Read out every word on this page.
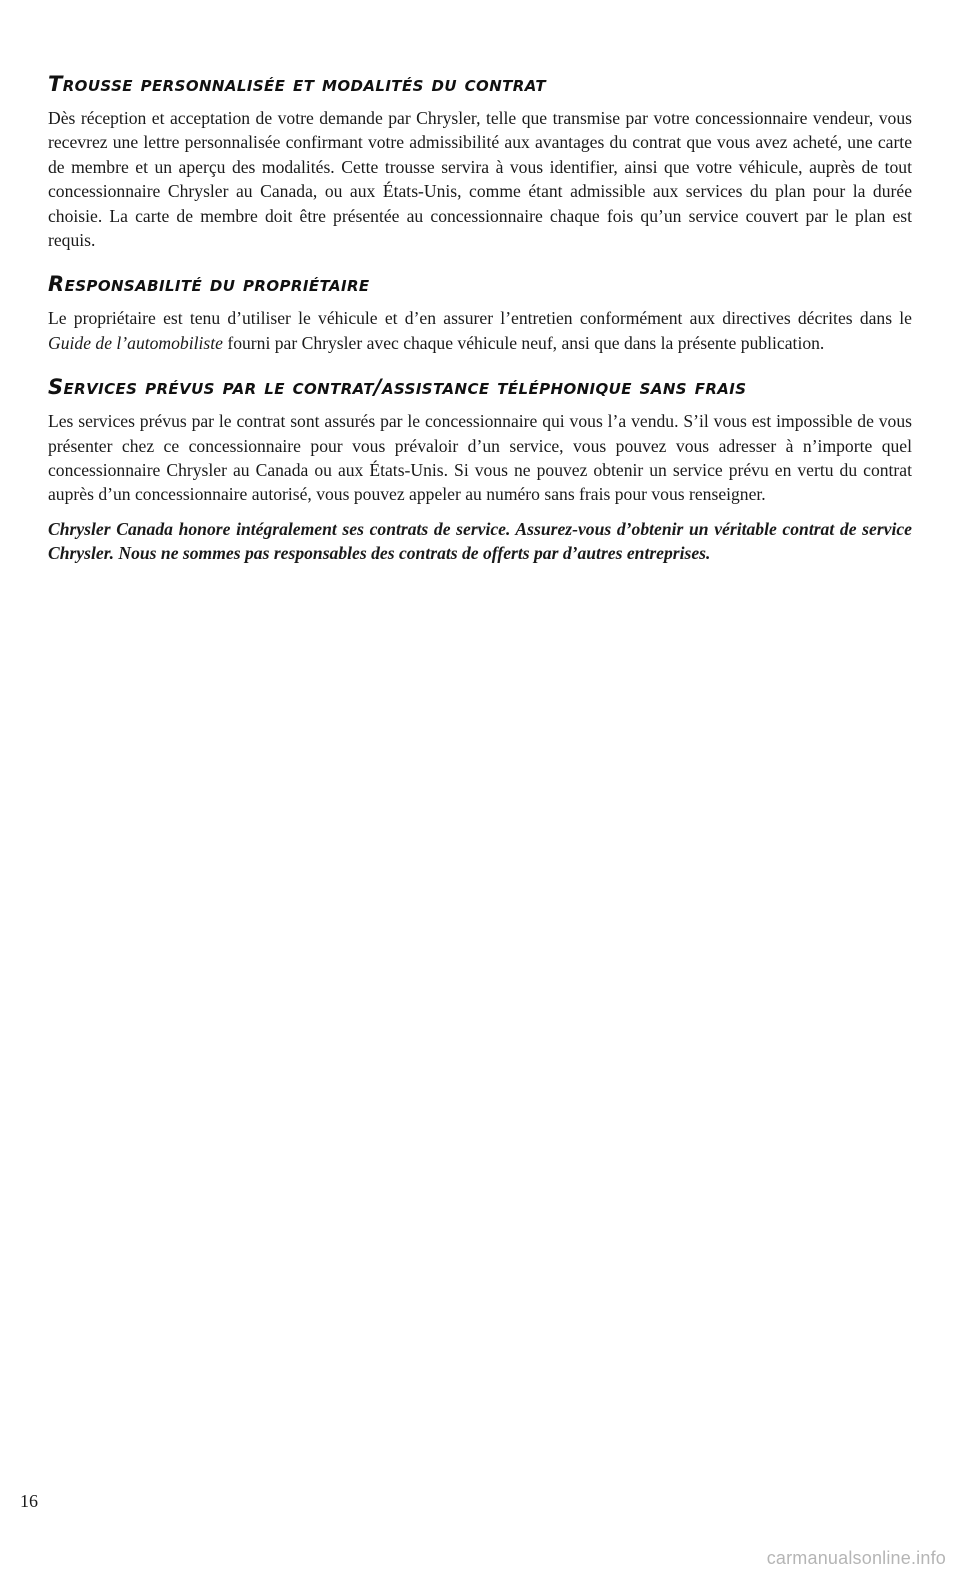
Trousse personnalisée et modalités du contrat

Dès réception et acceptation de votre demande par Chrysler, telle que transmise par votre concessionnaire vendeur, vous recevrez une lettre personnalisée confirmant votre admissibilité aux avantages du contrat que vous avez acheté, une carte de membre et un aperçu des modalités. Cette trousse servira à vous identifier, ainsi que votre véhicule, auprès de tout concessionnaire Chrysler au Canada, ou aux États-Unis, comme étant admissible aux services du plan pour la durée choisie. La carte de membre doit être présentée au concessionnaire chaque fois qu’un service couvert par le plan est requis.

Responsabilité du propriétaire

Le propriétaire est tenu d’utiliser le véhicule et d’en assurer l’entretien conformément aux directives décrites dans le Guide de l’automobiliste fourni par Chrysler avec chaque véhicule neuf, ansi que dans la présente publication.

Services prévus par le contrat/assistance téléphonique sans frais

Les services prévus par le contrat sont assurés par le concessionnaire qui vous l’a vendu. S’il vous est impossible de vous présenter chez ce concessionnaire pour vous prévaloir d’un service, vous pouvez vous adresser à n’importe quel concessionnaire Chrysler au Canada ou aux États-Unis. Si vous ne pouvez obtenir un service prévu en vertu du contrat auprès d’un concessionnaire autorisé, vous pouvez appeler au numéro sans frais pour vous renseigner.

Chrysler Canada honore intégralement ses contrats de service. Assurez-vous d’obtenir un véritable contrat de service Chrysler. Nous ne sommes pas responsables des contrats de offerts par d’autres entreprises.

16
carmanualsonline.info
